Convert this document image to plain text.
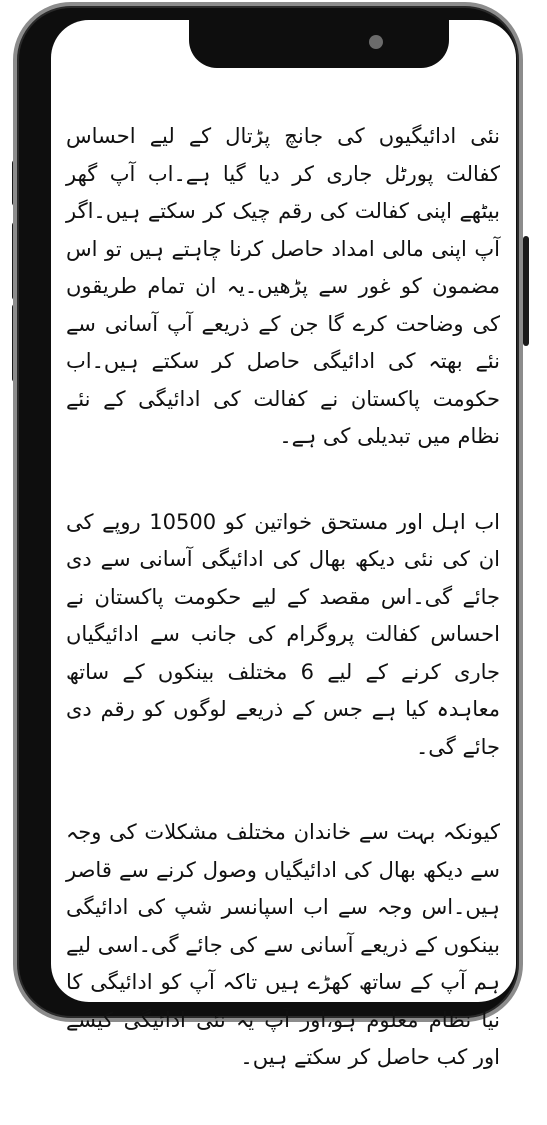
نئی ادائیگیوں کی جانچ پڑتال کے لیے احساس کفالت پورٹل جاری کر دیا گیا ہے۔اب آپ گھر بیٹھے اپنی کفالت کی رقم چیک کر سکتے ہیں۔اگر آپ اپنی مالی امداد حاصل کرنا چاہتے ہیں تو اس مضمون کو غور سے پڑھیں۔یہ ان تمام طریقوں کی وضاحت کرے گا جن کے ذریعے آپ آسانی سے نئے بھتہ کی ادائیگی حاصل کر سکتے ہیں۔اب حکومت پاکستان نے کفالت کی ادائیگی کے نئے نظام میں تبدیلی کی ہے۔

اب اہل اور مستحق خواتین کو 10500 روپے کی ان کی نئی دیکھ بھال کی ادائیگی آسانی سے دی جائے گی۔اس مقصد کے لیے حکومت پاکستان نے احساس کفالت پروگرام کی جانب سے ادائیگیاں جاری کرنے کے لیے 6 مختلف بینکوں کے ساتھ معاہدہ کیا ہے جس کے ذریعے لوگوں کو رقم دی جائے گی۔

کیونکہ بہت سے خاندان مختلف مشکلات کی وجہ سے دیکھ بھال کی ادائیگیاں وصول کرنے سے قاصر ہیں۔اس وجہ سے اب اسپانسر شپ کی ادائیگی بینکوں کے ذریعے آسانی سے کی جائے گی۔اسی لیے ہم آپ کے ساتھ کھڑے ہیں تاکہ آپ کو ادائیگی کا نیا نظام معلوم ہو،اور آپ یہ نئی ادائیگی کیسے اور کب حاصل کر سکتے ہیں۔
